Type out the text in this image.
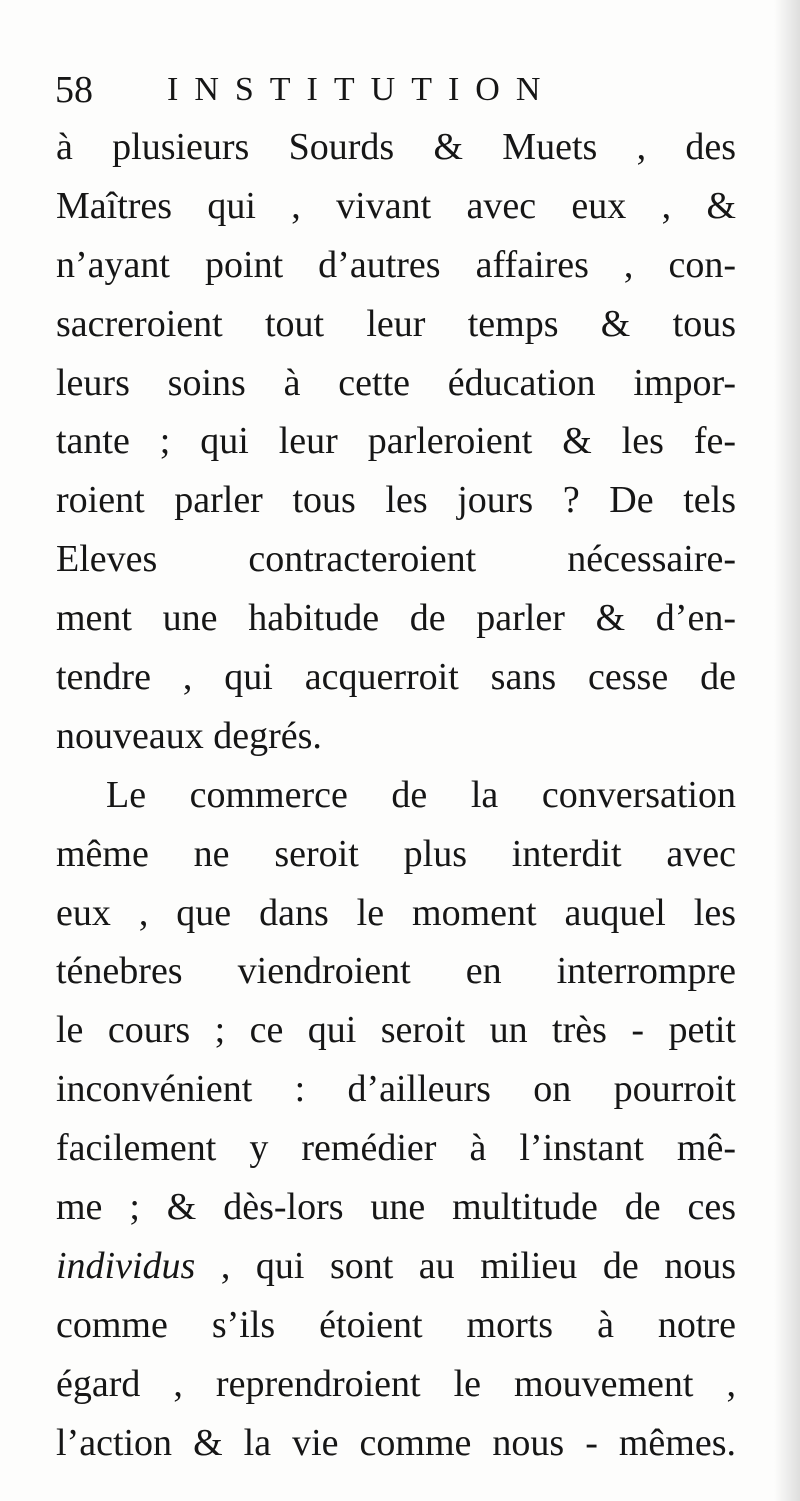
58 INSTITUTION
à plusieurs Sourds & Muets , des
Maîtres qui , vivant avec eux , &
n’ayant point d’autres affaires , con-
sacreroient tout leur temps & tous
leurs soins à cette éducation impor-
tante ; qui leur parleroient & les fe-
roient parler tous les jours ? De tels
Eleves contracteroient nécessaire-
ment une habitude de parler & d’en-
tendre , qui acquerroit sans cesse de
nouveaux degrés.
Le commerce de la conversation
même ne seroit plus interdit avec
eux , que dans le moment auquel les
ténebres viendroient en interrompre
le cours ; ce qui seroit un très - petit
inconvénient : d’ailleurs on pourroit
facilement y remédier à l’instant mê-
me ; & dès-lors une multitude de ces
individus , qui sont au milieu de nous
comme s’ils étoient morts à notre
égard , reprendroient le mouvement ,
l’action & la vie comme nous - mêmes.
